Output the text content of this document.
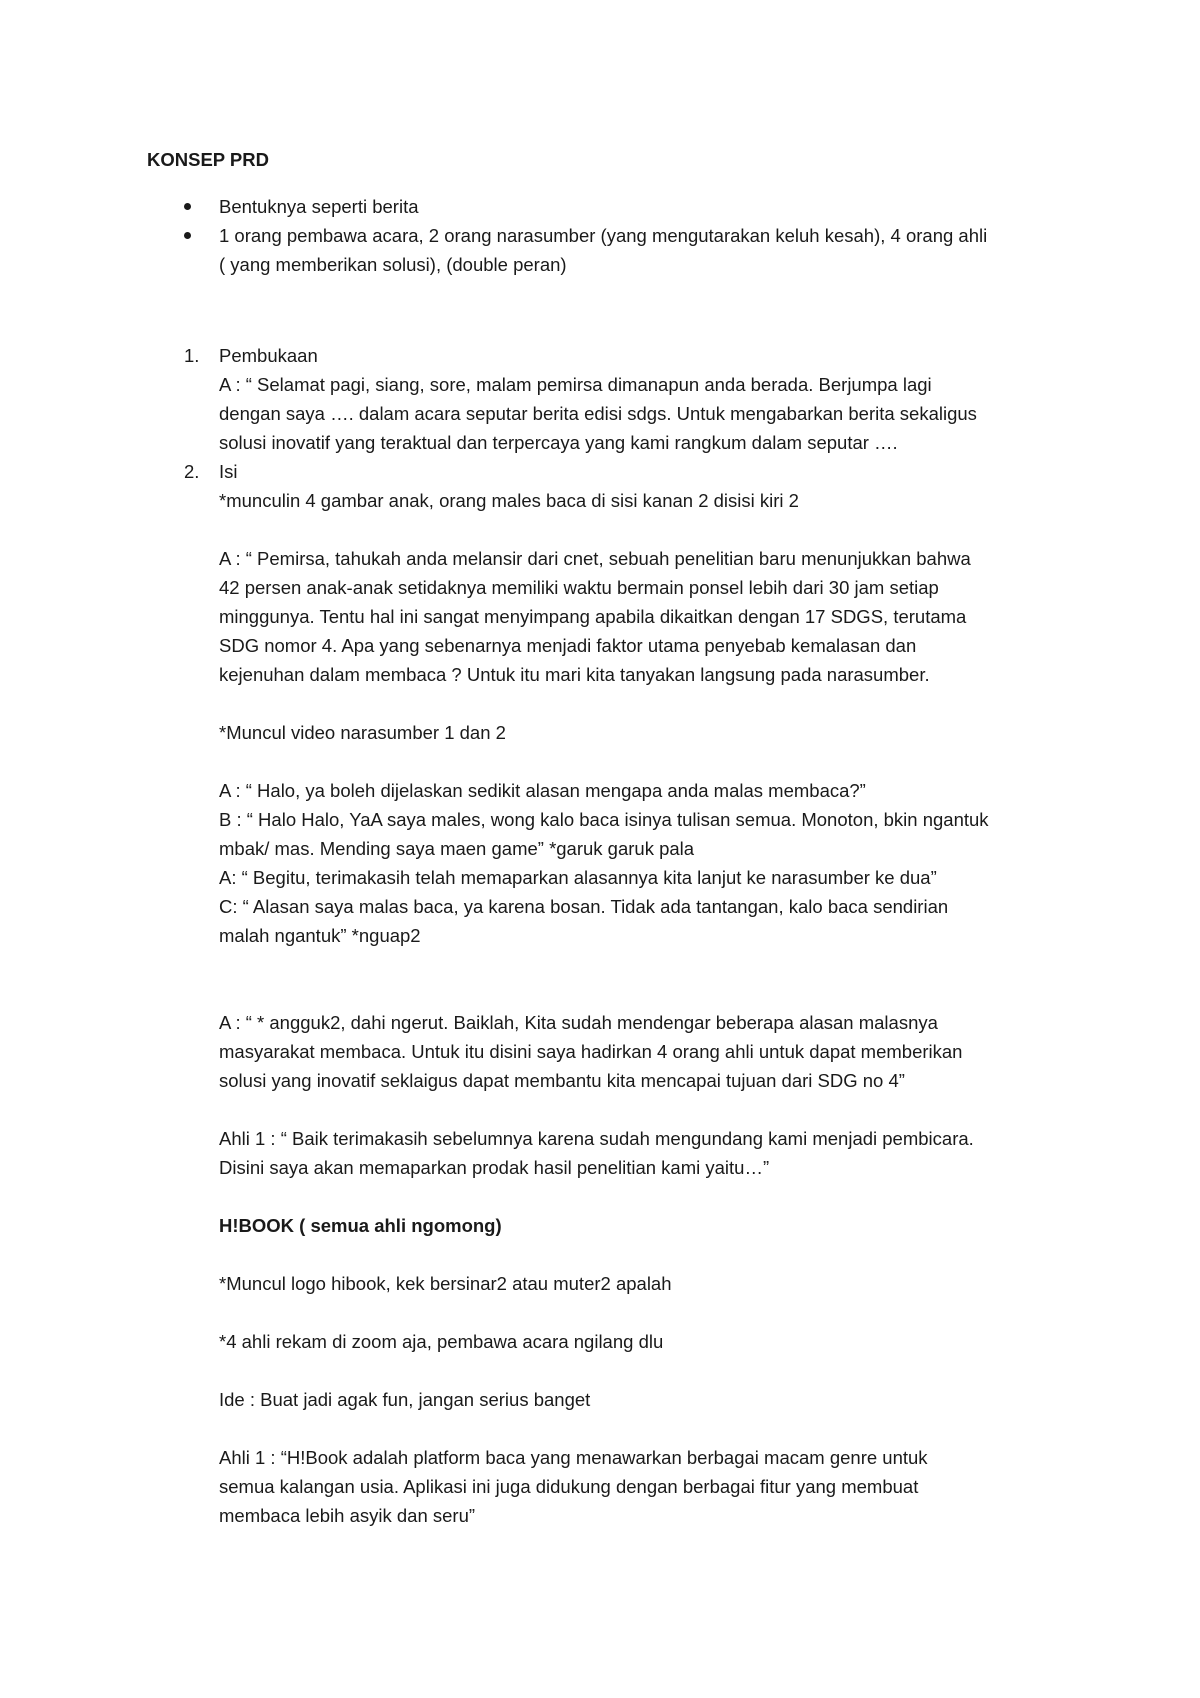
KONSEP PRD
Bentuknya seperti berita
1 orang pembawa acara, 2 orang narasumber (yang mengutarakan keluh kesah), 4 orang ahli
( yang memberikan solusi), (double peran)
1. Pembukaan
A : “ Selamat pagi, siang, sore, malam pemirsa dimanapun anda berada. Berjumpa lagi
dengan saya …. dalam acara seputar berita edisi sdgs. Untuk mengabarkan berita sekaligus
solusi inovatif yang teraktual dan terpercaya yang kami rangkum dalam seputar ….
2. Isi
*munculin 4 gambar anak, orang males baca di sisi kanan 2 disisi kiri 2
A : “ Pemirsa, tahukah anda melansir dari cnet, sebuah penelitian baru menunjukkan bahwa
42 persen anak-anak setidaknya memiliki waktu bermain ponsel lebih dari 30 jam setiap
minggunya. Tentu hal ini sangat menyimpang apabila dikaitkan dengan 17 SDGS, terutama
SDG nomor 4. Apa yang sebenarnya menjadi faktor utama penyebab kemalasan dan
kejenuhan dalam membaca ? Untuk itu mari kita tanyakan langsung pada narasumber.
*Muncul video narasumber 1 dan 2
A : “ Halo, ya boleh dijelaskan sedikit alasan mengapa anda malas membaca?”
B : “ Halo Halo, YaA saya males, wong kalo baca isinya tulisan semua. Monoton, bkin ngantuk
mbak/ mas. Mending saya maen game” *garuk garuk pala
A: “ Begitu, terimakasih telah memaparkan alasannya kita lanjut ke narasumber ke dua”
C: “ Alasan saya malas baca, ya karena bosan. Tidak ada tantangan, kalo baca sendirian
malah ngantuk” *nguap2
A : “ * angguk2, dahi ngerut. Baiklah, Kita sudah mendengar beberapa alasan malasnya
masyarakat membaca. Untuk itu disini saya hadirkan 4 orang ahli untuk dapat memberikan
solusi yang inovatif seklaigus dapat membantu kita mencapai tujuan dari SDG no 4”
Ahli 1 : “ Baik terimakasih sebelumnya karena sudah mengundang kami menjadi pembicara.
Disini saya akan memaparkan prodak hasil penelitian kami yaitu…”
H!BOOK ( semua ahli ngomong)
*Muncul logo hibook, kek bersinar2 atau muter2 apalah
*4 ahli rekam di zoom aja, pembawa acara ngilang dlu
Ide : Buat jadi agak fun, jangan serius banget
Ahli 1 : “H!Book adalah platform baca yang menawarkan berbagai macam genre untuk
semua kalangan usia. Aplikasi ini juga didukung dengan berbagai fitur yang membuat
membaca lebih asyik dan seru”
